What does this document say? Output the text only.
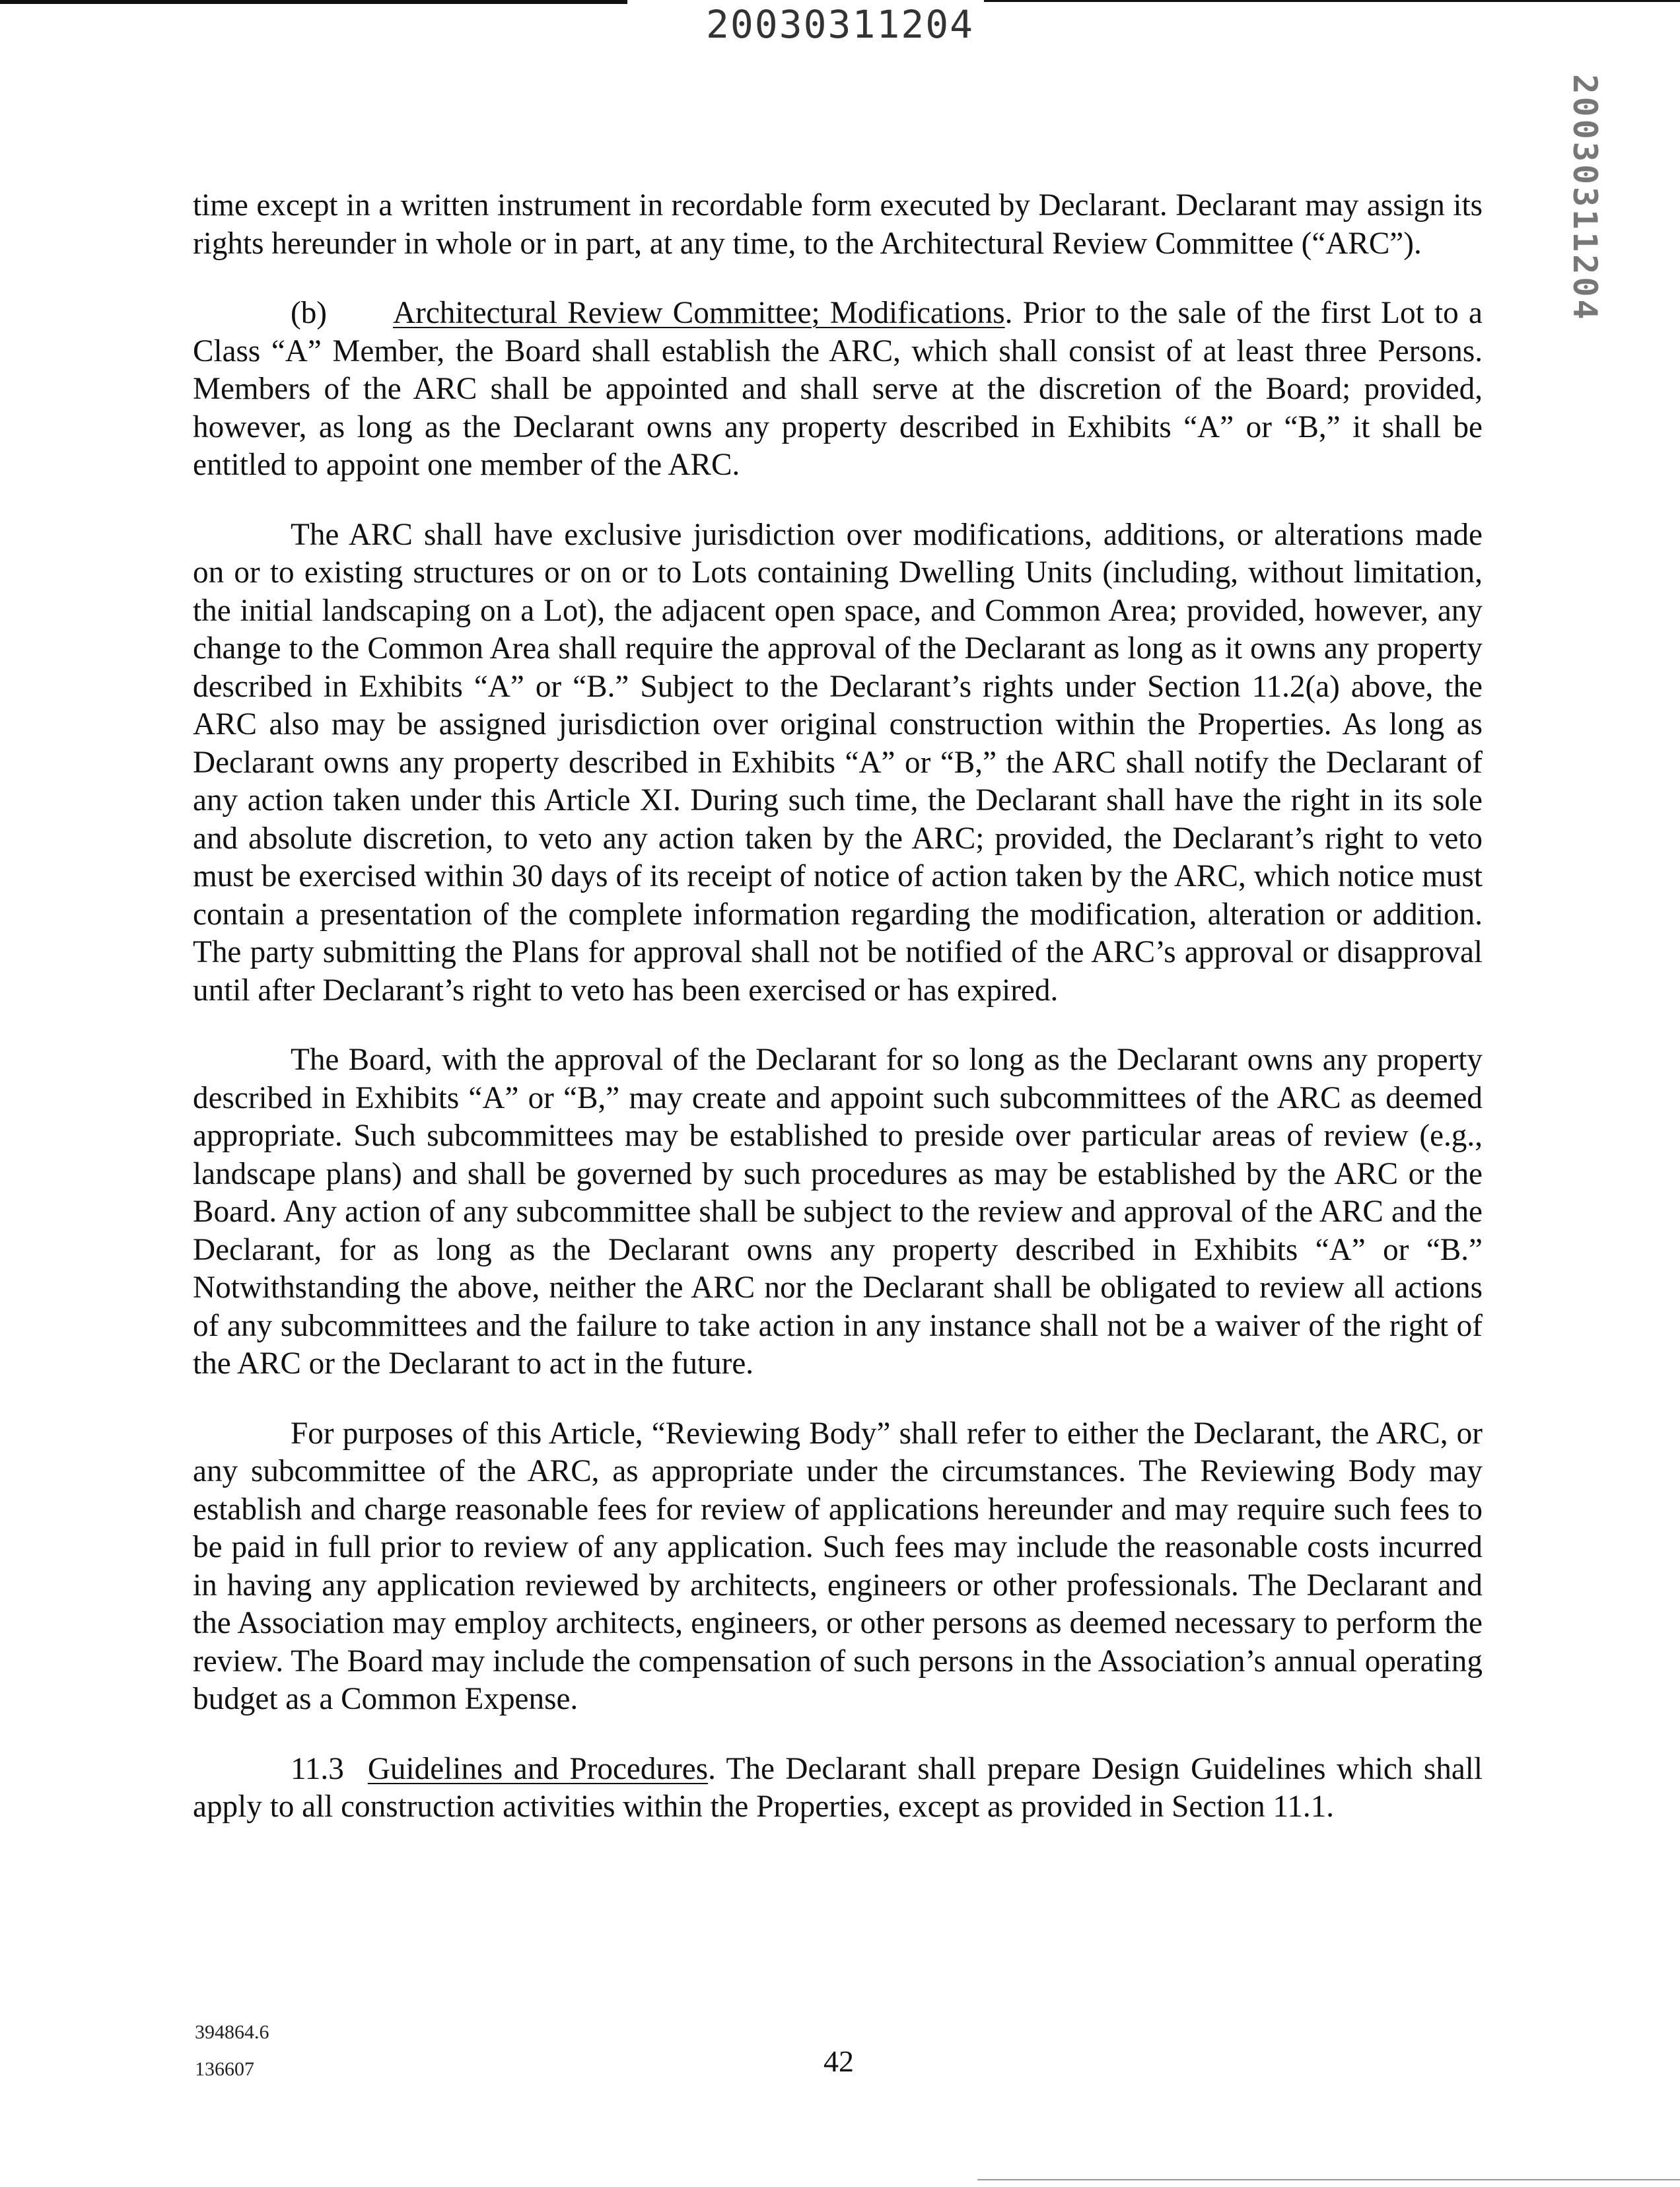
20030311204
20030311204

time except in a written instrument in recordable form executed by Declarant. Declarant may assign its rights hereunder in whole or in part, at any time, to the Architectural Review Committee (“ARC”).

(b) Architectural Review Committee; Modifications. Prior to the sale of the first Lot to a Class “A” Member, the Board shall establish the ARC, which shall consist of at least three Persons. Members of the ARC shall be appointed and shall serve at the discretion of the Board; provided, however, as long as the Declarant owns any property described in Exhibits “A” or “B,” it shall be entitled to appoint one member of the ARC.

The ARC shall have exclusive jurisdiction over modifications, additions, or alterations made on or to existing structures or on or to Lots containing Dwelling Units (including, without limitation, the initial landscaping on a Lot), the adjacent open space, and Common Area; provided, however, any change to the Common Area shall require the approval of the Declarant as long as it owns any property described in Exhibits “A” or “B.” Subject to the Declarant’s rights under Section 11.2(a) above, the ARC also may be assigned jurisdiction over original construction within the Properties. As long as Declarant owns any property described in Exhibits “A” or “B,” the ARC shall notify the Declarant of any action taken under this Article XI. During such time, the Declarant shall have the right in its sole and absolute discretion, to veto any action taken by the ARC; provided, the Declarant’s right to veto must be exercised within 30 days of its receipt of notice of action taken by the ARC, which notice must contain a presentation of the complete information regarding the modification, alteration or addition. The party submitting the Plans for approval shall not be notified of the ARC’s approval or disapproval until after Declarant’s right to veto has been exercised or has expired.

The Board, with the approval of the Declarant for so long as the Declarant owns any property described in Exhibits “A” or “B,” may create and appoint such subcommittees of the ARC as deemed appropriate. Such subcommittees may be established to preside over particular areas of review (e.g., landscape plans) and shall be governed by such procedures as may be established by the ARC or the Board. Any action of any subcommittee shall be subject to the review and approval of the ARC and the Declarant, for as long as the Declarant owns any property described in Exhibits “A” or “B.” Notwithstanding the above, neither the ARC nor the Declarant shall be obligated to review all actions of any subcommittees and the failure to take action in any instance shall not be a waiver of the right of the ARC or the Declarant to act in the future.

For purposes of this Article, “Reviewing Body” shall refer to either the Declarant, the ARC, or any subcommittee of the ARC, as appropriate under the circumstances. The Reviewing Body may establish and charge reasonable fees for review of applications hereunder and may require such fees to be paid in full prior to review of any application. Such fees may include the reasonable costs incurred in having any application reviewed by architects, engineers or other professionals. The Declarant and the Association may employ architects, engineers, or other persons as deemed necessary to perform the review. The Board may include the compensation of such persons in the Association’s annual operating budget as a Common Expense.

11.3 Guidelines and Procedures. The Declarant shall prepare Design Guidelines which shall apply to all construction activities within the Properties, except as provided in Section 11.1.

394864.6
136607	42
